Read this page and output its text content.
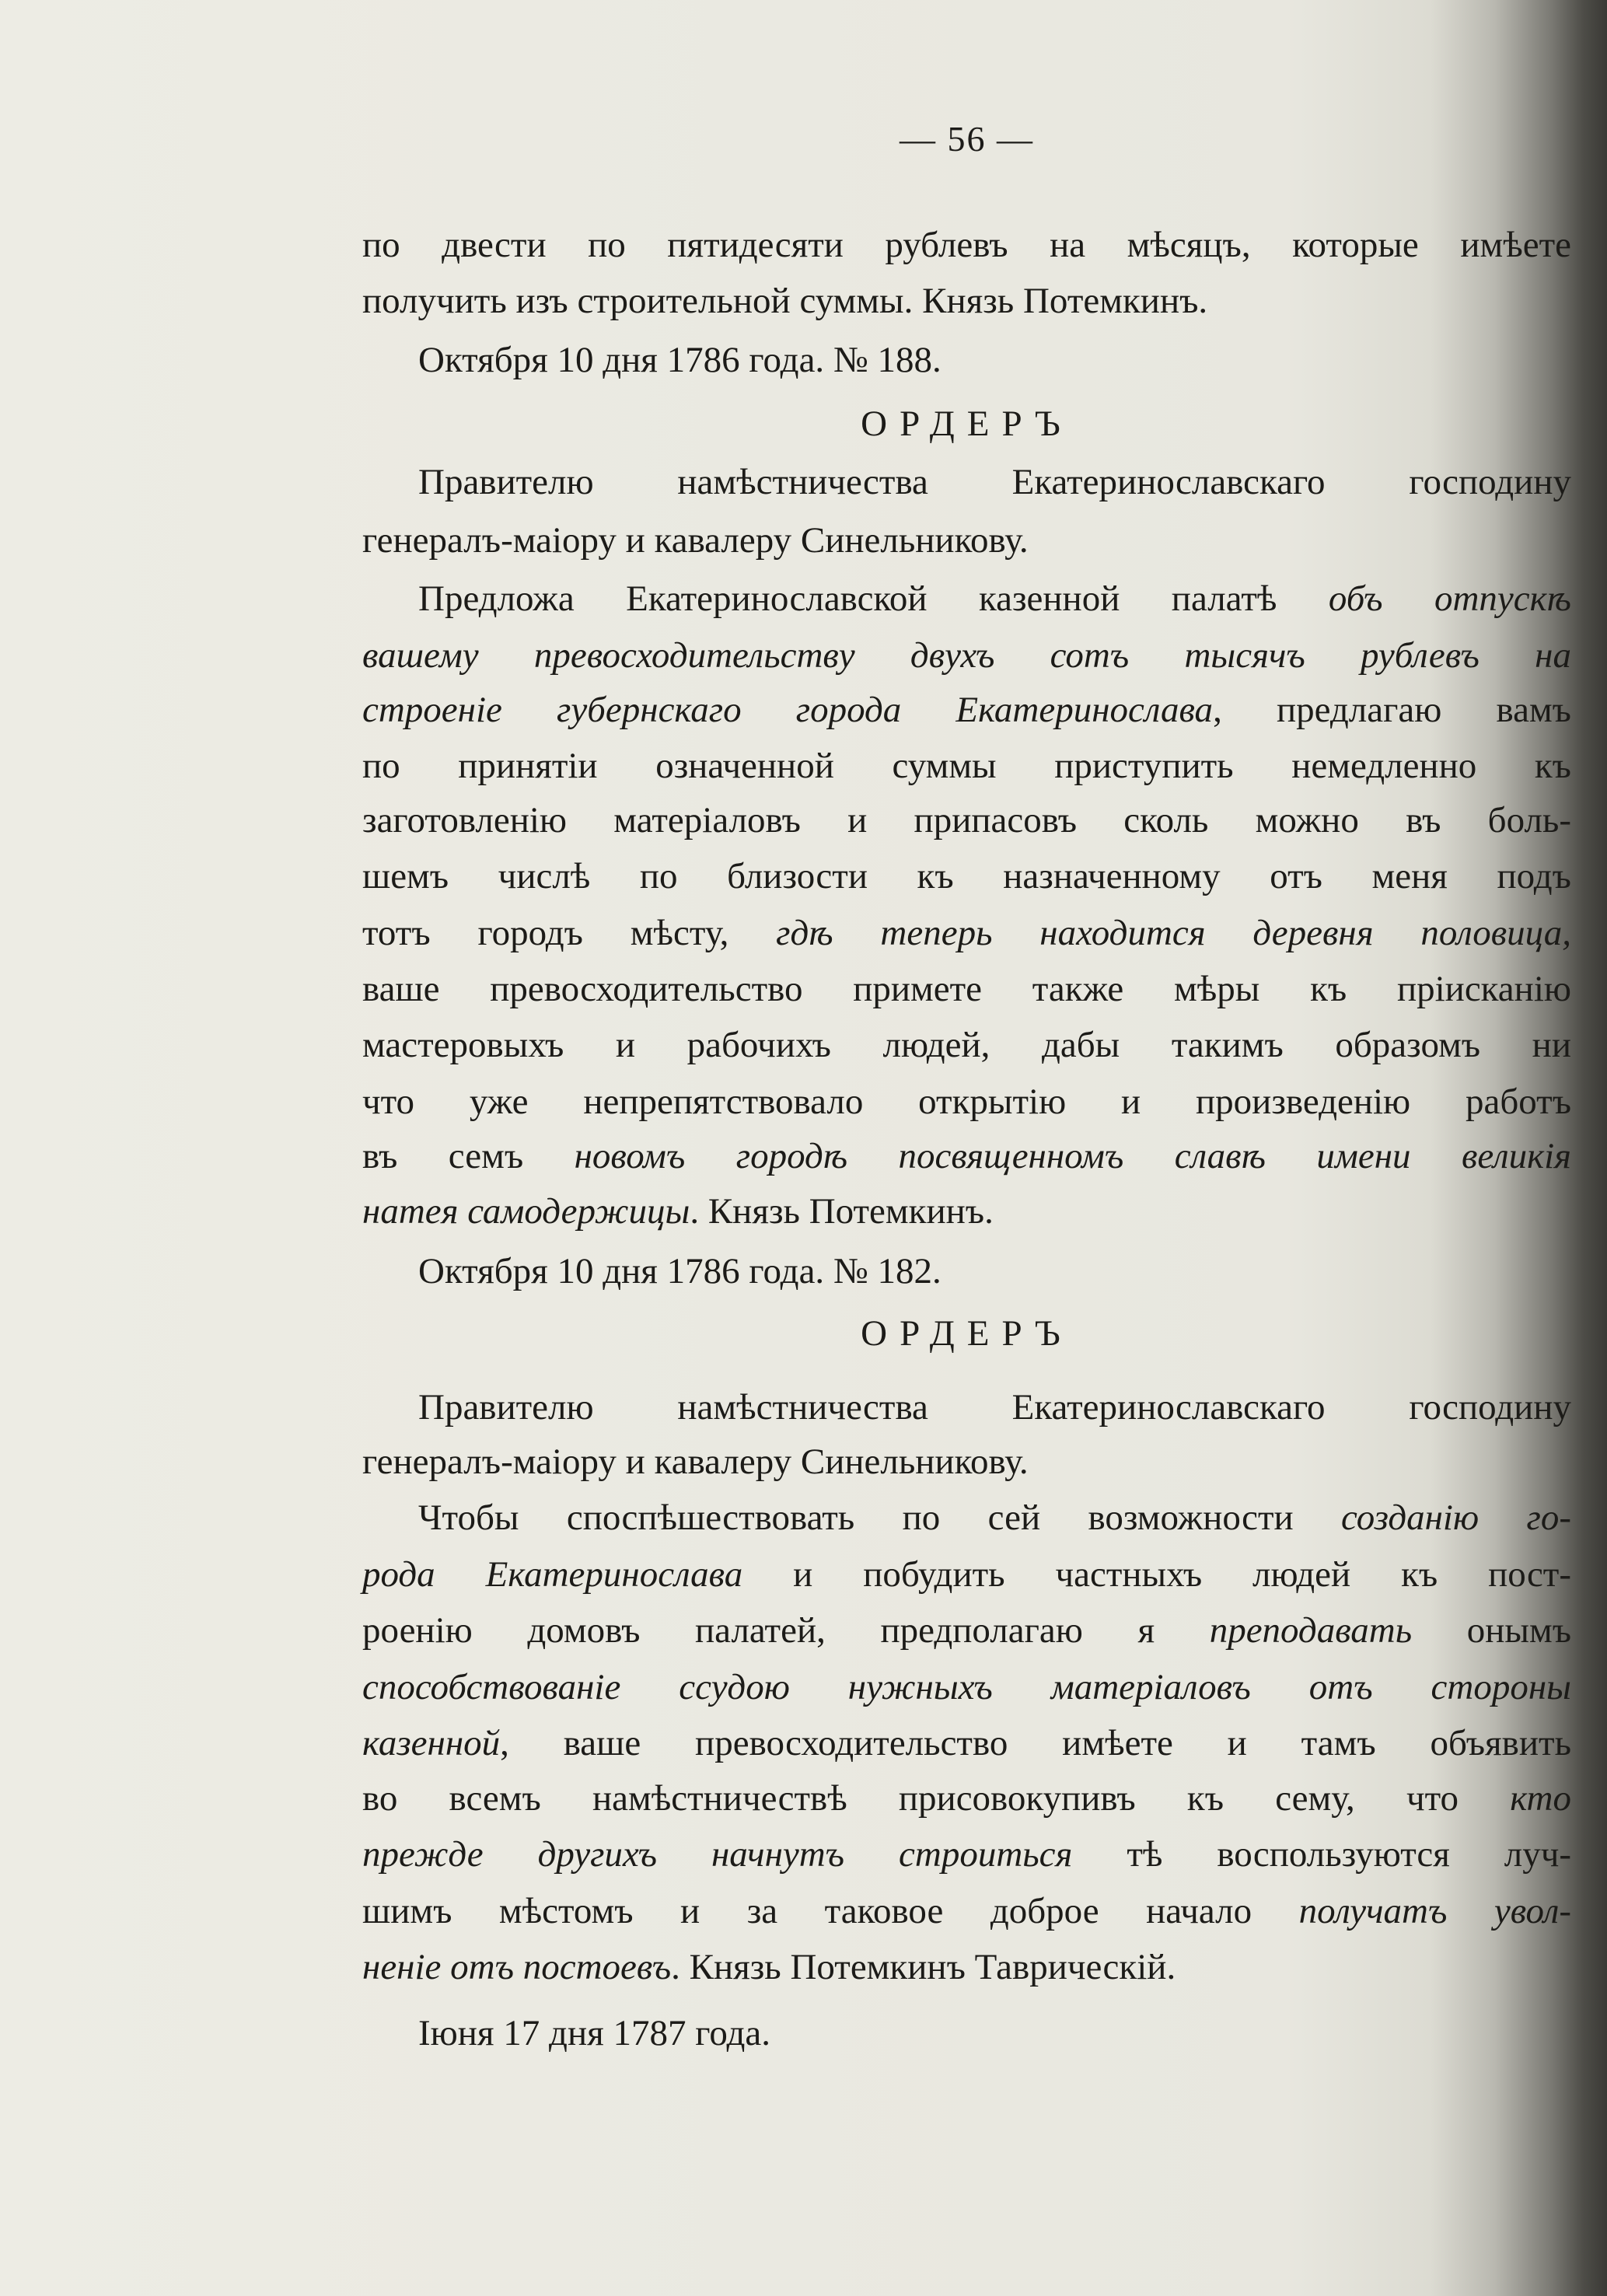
— 56 —
по двести по пятидесяти рублевъ на мѣсяцъ, которые имѣете
получить изъ строительной суммы. Князь Потемкинъ.
Октября 10 дня 1786 года. № 188.
ОРДЕРЪ
Правителю намѣстничества Екатеринославскаго господину
генералъ-маіору и кавалеру Синельникову.
Предложа Екатеринославской казенной палатѣ объ отпускѣ
вашему превосходительству двухъ сотъ тысячъ рублевъ на
строеніе губернскаго города Екатеринослава, предлагаю вамъ
по принятіи означенной суммы приступить немедленно къ
заготовленію матеріаловъ и припасовъ сколь можно въ боль-
шемъ числѣ по близости къ назначенному отъ меня подъ
тотъ городъ мѣсту, гдѣ теперь находится деревня половица,
ваше превосходительство примете также мѣры къ пріисканію
мастеровыхъ и рабочихъ людей, дабы такимъ образомъ ни
что уже непрепятствовало открытію и произведенію работъ
въ семъ новомъ городѣ посвященномъ славѣ имени великія
натея самодержицы. Князь Потемкинъ.
Октября 10 дня 1786 года. № 182.
ОРДЕРЪ
Правителю намѣстничества Екатеринославскаго господину
генералъ-маіору и кавалеру Синельникову.
Чтобы споспѣшествовать по сей возможности созданію го-
рода Екатеринослава и побудить частныхъ людей къ пост-
роенію домовъ палатей, предполагаю я преподавать онымъ
способствованіе ссудою нужныхъ матеріаловъ отъ стороны
казенной, ваше превосходительство имѣете и тамъ объявить
во всемъ намѣстничествѣ присовокупивъ къ сему, что кто
прежде другихъ начнутъ строиться тѣ воспользуются луч-
шимъ мѣстомъ и за таковое доброе начало получатъ увол-
неніе отъ постоевъ. Князь Потемкинъ Таврическій.
Іюня 17 дня 1787 года.
